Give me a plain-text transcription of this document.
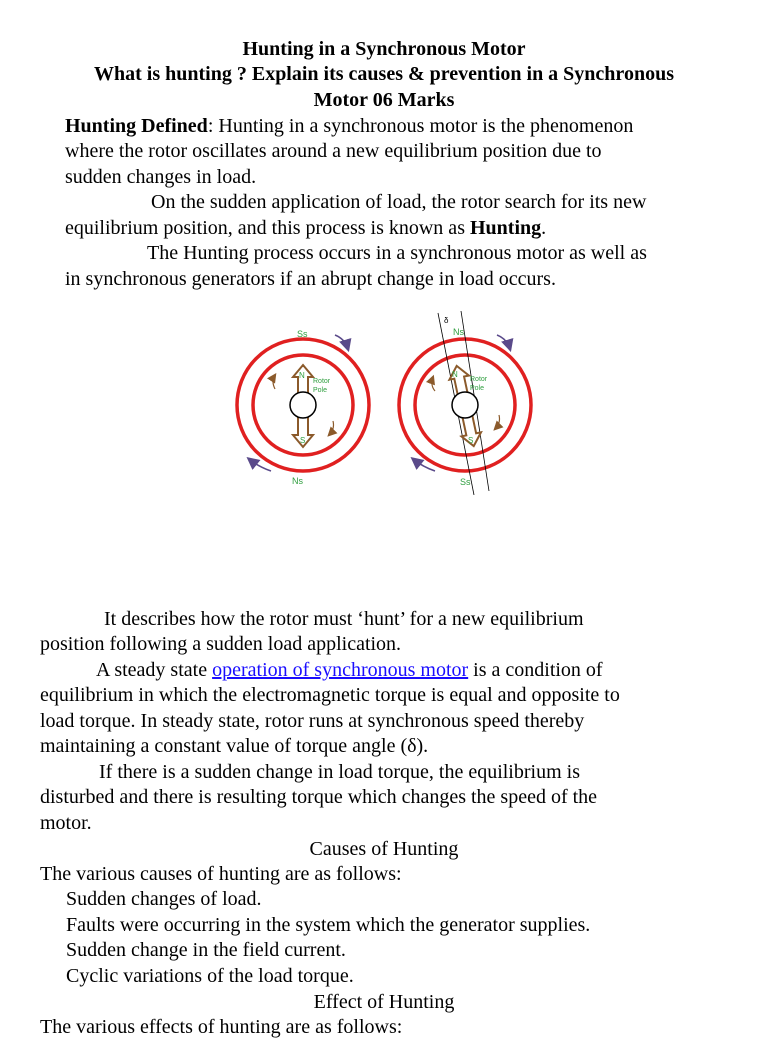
Hunting in a Synchronous Motor
What is hunting ? Explain its causes & prevention in a Synchronous
Motor 06 Marks
Hunting Defined: Hunting in a synchronous motor is the phenomenon
where the rotor oscillates around a new equilibrium position due to
sudden changes in load.
On the sudden application of load, the rotor search for its new
equilibrium position, and this process is known as Hunting.
The Hunting process occurs in a synchronous motor as well as
in synchronous generators if an abrupt change in load occurs.
Ss
Ns
N
S
Rotor
Pole
Ns
Ss
δ
N
S
Rotor
Pole
It describes how the rotor must ‘hunt’ for a new equilibrium
position following a sudden load application.
A steady state operation of synchronous motor is a condition of
equilibrium in which the electromagnetic torque is equal and opposite to
load torque. In steady state, rotor runs at synchronous speed thereby
maintaining a constant value of torque angle (δ).
If there is a sudden change in load torque, the equilibrium is
disturbed and there is resulting torque which changes the speed of the
motor.
Causes of Hunting
The various causes of hunting are as follows:
Sudden changes of load.
Faults were occurring in the system which the generator supplies.
Sudden change in the field current.
Cyclic variations of the load torque.
Effect of Hunting
The various effects of hunting are as follows:
